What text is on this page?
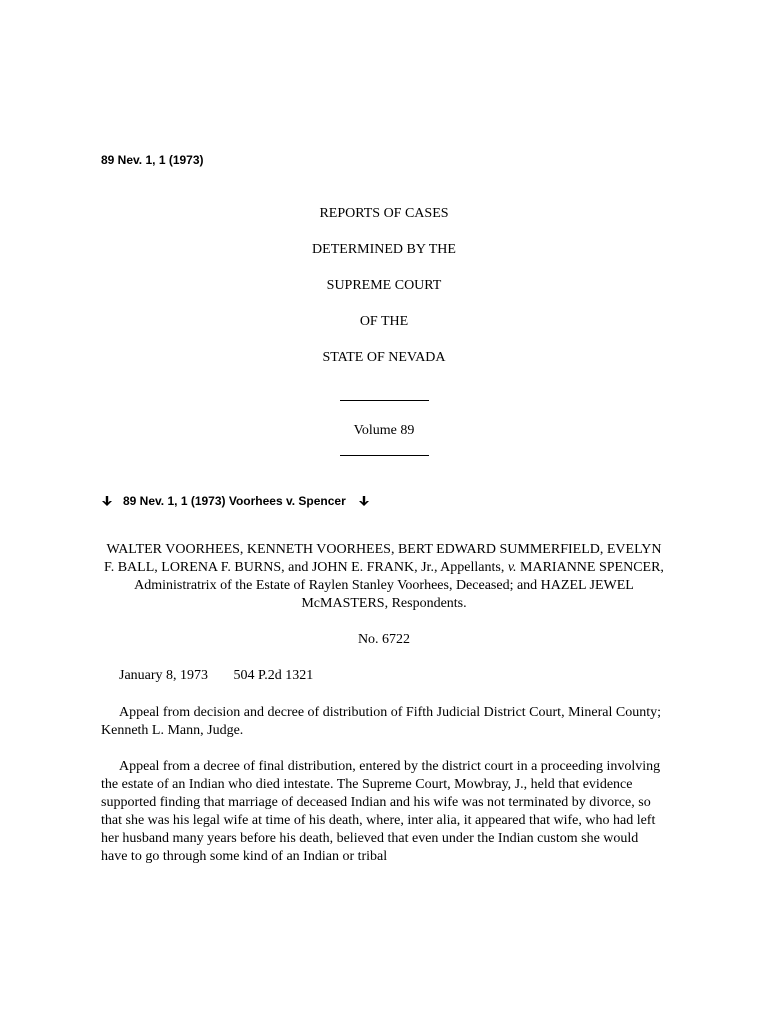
89 Nev. 1, 1 (1973)
REPORTS OF CASES
DETERMINED BY THE
SUPREME COURT
OF THE
STATE OF NEVADA
Volume 89
89 Nev. 1, 1 (1973) Voorhees v. Spencer
WALTER VOORHEES, KENNETH VOORHEES, BERT EDWARD SUMMERFIELD, EVELYN F. BALL, LORENA F. BURNS, and JOHN E. FRANK, Jr., Appellants, v. MARIANNE SPENCER, Administratrix of the Estate of Raylen Stanley Voorhees, Deceased; and HAZEL JEWEL McMASTERS, Respondents.
No. 6722
January 8, 1973 504 P.2d 1321
Appeal from decision and decree of distribution of Fifth Judicial District Court, Mineral County; Kenneth L. Mann, Judge.
Appeal from a decree of final distribution, entered by the district court in a proceeding involving the estate of an Indian who died intestate. The Supreme Court, Mowbray, J., held that evidence supported finding that marriage of deceased Indian and his wife was not terminated by divorce, so that she was his legal wife at time of his death, where, inter alia, it appeared that wife, who had left her husband many years before his death, believed that even under the Indian custom she would have to go through some kind of an Indian or tribal
